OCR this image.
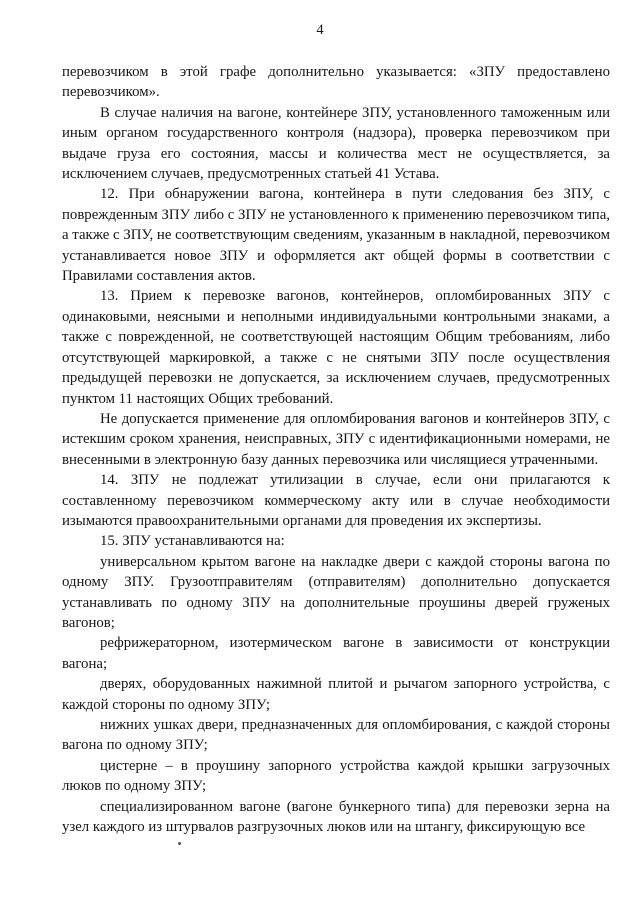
4

перевозчиком в этой графе дополнительно указывается: «ЗПУ предоставлено перевозчиком».

В случае наличия на вагоне, контейнере ЗПУ, установленного таможенным или иным органом государственного контроля (надзора), проверка перевозчиком при выдаче груза его состояния, массы и количества мест не осуществляется, за исключением случаев, предусмотренных статьей 41 Устава.

12. При обнаружении вагона, контейнера в пути следования без ЗПУ, с поврежденным ЗПУ либо с ЗПУ не установленного к применению перевозчиком типа, а также с ЗПУ, не соответствующим сведениям, указанным в накладной, перевозчиком устанавливается новое ЗПУ и оформляется акт общей формы в соответствии с Правилами составления актов.

13. Прием к перевозке вагонов, контейнеров, опломбированных ЗПУ с одинаковыми, неясными и неполными индивидуальными контрольными знаками, а также с поврежденной, не соответствующей настоящим Общим требованиям, либо отсутствующей маркировкой, а также с не снятыми ЗПУ после осуществления предыдущей перевозки не допускается, за исключением случаев, предусмотренных пунктом 11 настоящих Общих требований.

Не допускается применение для опломбирования вагонов и контейнеров ЗПУ, с истекшим сроком хранения, неисправных, ЗПУ с идентификационными номерами, не внесенными в электронную базу данных перевозчика или числящиеся утраченными.

14. ЗПУ не подлежат утилизации в случае, если они прилагаются к составленному перевозчиком коммерческому акту или в случае необходимости изымаются правоохранительными органами для проведения их экспертизы.

15. ЗПУ устанавливаются на:

универсальном крытом вагоне на накладке двери с каждой стороны вагона по одному ЗПУ. Грузоотправителям (отправителям) дополнительно допускается устанавливать по одному ЗПУ на дополнительные проушины дверей груженых вагонов;

рефрижераторном, изотермическом вагоне в зависимости от конструкции вагона;

дверях, оборудованных нажимной плитой и рычагом запорного устройства, с каждой стороны по одному ЗПУ;

нижних ушках двери, предназначенных для опломбирования, с каждой стороны вагона по одному ЗПУ;

цистерне – в проушину запорного устройства каждой крышки загрузочных люков по одному ЗПУ;

специализированном вагоне (вагоне бункерного типа) для перевозки зерна на узел каждого из штурвалов разгрузочных люков или на штангу, фиксирующую все
